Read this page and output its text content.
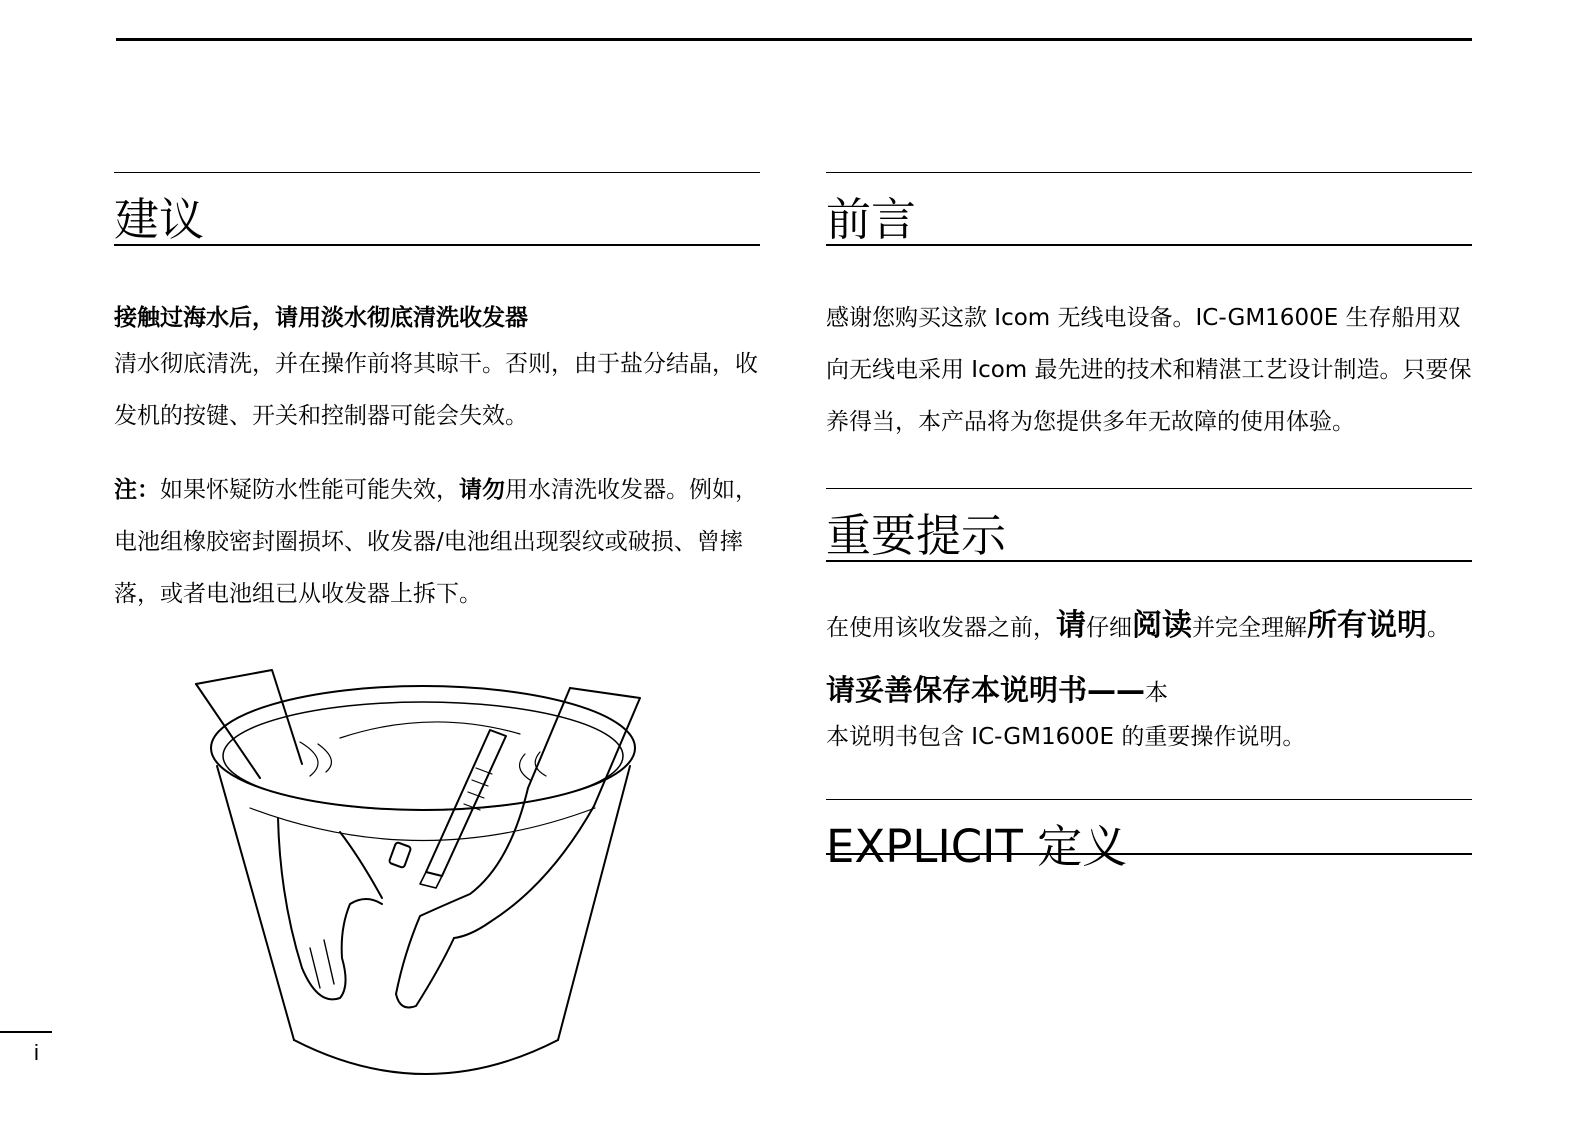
建议

接触过海水后，请用淡水彻底清洗收发器

清水彻底清洗，并在操作前将其晾干。否则，由于盐分结晶，收发机的按键、开关和控制器可能会失效。

注：如果怀疑防水性能可能失效，请勿用水清洗收发器。例如，电池组橡胶密封圈损坏、收发器/电池组出现裂纹或破损、曾摔落，或者电池组已从收发器上拆下。

前言

感谢您购买这款 Icom 无线电设备。IC-GM1600E 生存船用双向无线电采用 Icom 最先进的技术和精湛工艺设计制造。只要保养得当，本产品将为您提供多年无故障的使用体验。

重要提示

在使用该收发器之前，请仔细阅读并完全理解所有说明。

请妥善保存本说明书——本

本说明书包含 IC-GM1600E 的重要操作说明。

EXPLICIT 定义
i
